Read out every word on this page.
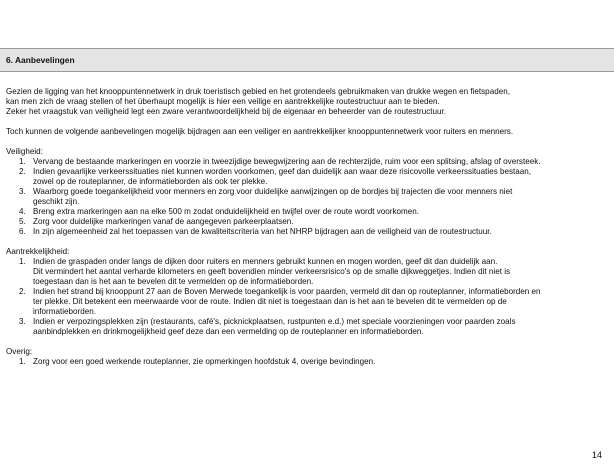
6. Aanbevelingen

Gezien de ligging van het knooppuntennetwerk in druk toeristisch gebied en het grotendeels gebruikmaken van drukke wegen en fietspaden,

kan men zich de vraag stellen of het überhaupt mogelijk is hier een veilige en aantrekkelijke routestructuur aan te bieden.

Zeker het vraagstuk van veiligheid legt een zware verantwoordelijkheid bij de eigenaar en beheerder van de routestructuur.

Toch kunnen de volgende aanbevelingen mogelijk bijdragen aan een veiliger en aantrekkelijker knooppuntennetwerk voor ruiters en menners.

Veiligheid:

1. Vervang de bestaande markeringen en voorzie in tweezijdige bewegwijzering aan de rechterzijde, ruim voor een splitsing, afslag of oversteek.

2. Indien gevaarlijke verkeerssituaties niet kunnen worden voorkomen, geef dan duidelijk aan waar deze risicovolle verkeerssituaties bestaan,

zowel op de routeplanner, de informatieborden als ook ter plekke.

3. Waarborg goede toegankelijkheid voor menners en zorg voor duidelijke aanwijzingen op de bordjes bij trajecten die voor menners niet

geschikt zijn.

4. Breng extra markeringen aan na elke 500 m zodat onduidelijkheid en twijfel over de route wordt voorkomen.

5. Zorg voor duidelijke markeringen vanaf de aangegeven parkeerplaatsen.

6. In zijn algemeenheid zal het toepassen van de kwaliteitscriteria van het NHRP bijdragen aan de veiligheid van de routestructuur.

Aantrekkelijkheid:

1. Indien de graspaden onder langs de dijken door ruiters en menners gebruikt kunnen en mogen worden, geef dit dan duidelijk aan.

Dit vermindert het aantal verharde kilometers en geeft bovendien minder verkeersrisico's op de smalle dijkweggetjes. Indien dit niet is

toegestaan dan is het aan te bevelen dit te vermelden op de informatieborden.

2. Indien het strand bij knooppunt 27 aan de Boven Merwede toegankelijk is voor paarden, vermeld dit dan op routeplanner, informatieborden en

ter plekke. Dit betekent een meerwaarde voor de route. Indien dit niet is toegestaan dan is het aan te bevelen dit te vermelden op de

informatieborden.

3. Indien er verpozingsplekken zijn (restaurants, café's, picknickplaatsen, rustpunten e.d.) met speciale voorzieningen voor paarden zoals

aanbindplekken en drinkmogelijkheid geef deze dan een vermelding op de routeplanner en informatieborden.

Overig:

1. Zorg voor een goed werkende routeplanner, zie opmerkingen hoofdstuk 4, overige bevindingen.

14
